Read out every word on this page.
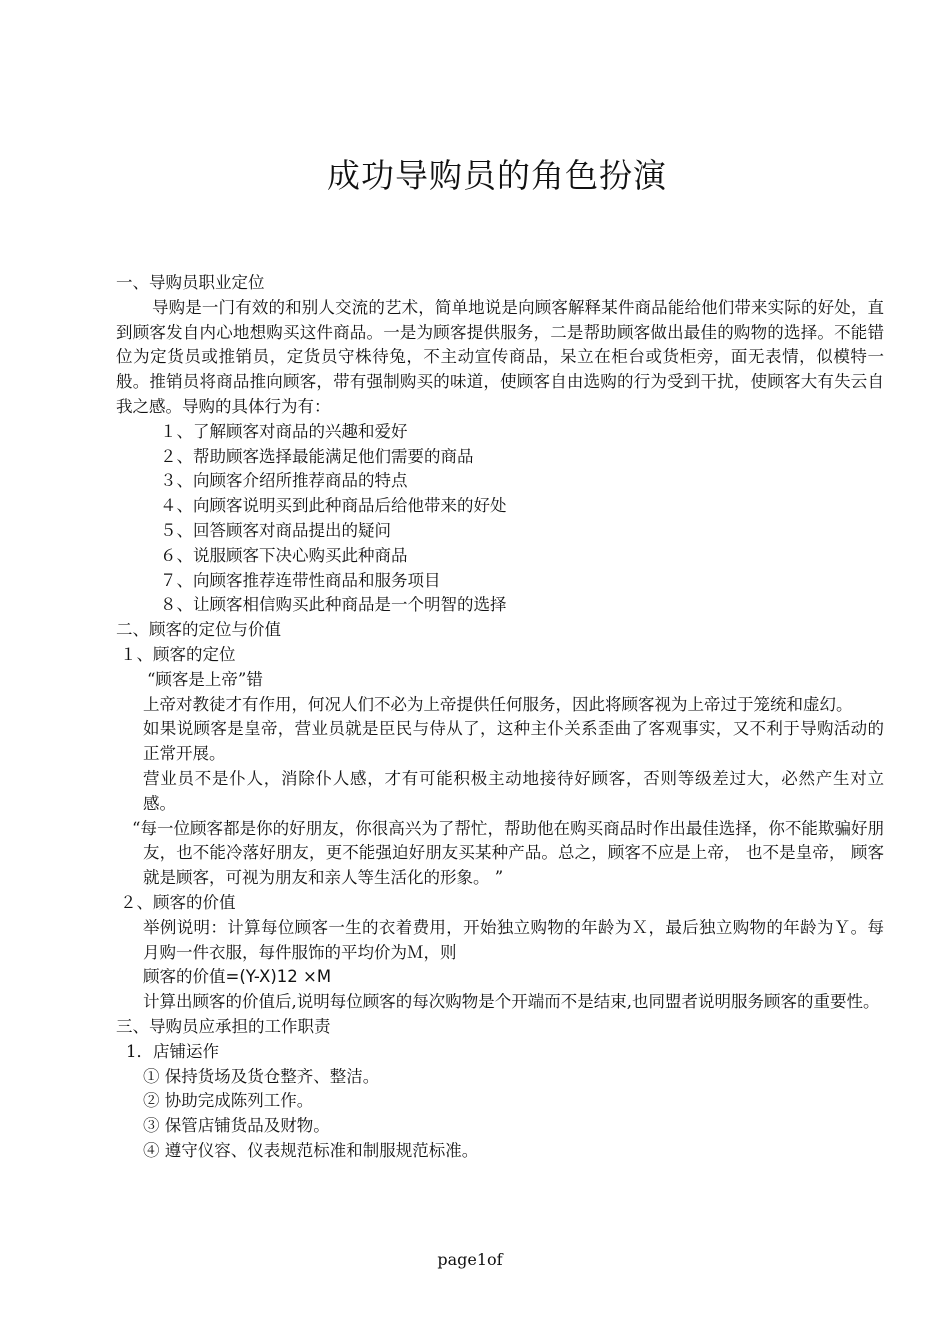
成功导购员的角色扮演

一、导购员职业定位

导购是一门有效的和别人交流的艺术，简单地说是向顾客解释某件商品能给他们带来实际的好处，直到顾客发自内心地想购买这件商品。一是为顾客提供服务，二是帮助顾客做出最佳的购物的选择。不能错位为定货员或推销员，定货员守株待兔，不主动宣传商品，呆立在柜台或货柜旁，面无表情，似模特一般。推销员将商品推向顾客，带有强制购买的味道，使顾客自由选购的行为受到干扰，使顾客大有失云自我之感。导购的具体行为有：

１、了解顾客对商品的兴趣和爱好

２、帮助顾客选择最能满足他们需要的商品

３、向顾客介绍所推荐商品的特点

４、向顾客说明买到此种商品后给他带来的好处

５、回答顾客对商品提出的疑问

６、说服顾客下决心购买此种商品

７、向顾客推荐连带性商品和服务项目

８、让顾客相信购买此种商品是一个明智的选择

二、顾客的定位与价值

１、顾客的定位

“顾客是上帝”错

上帝对教徒才有作用，何况人们不必为上帝提供任何服务，因此将顾客视为上帝过于笼统和虚幻。

如果说顾客是皇帝，营业员就是臣民与侍从了，这种主仆关系歪曲了客观事实，又不利于导购活动的正常开展。

营业员不是仆人，消除仆人感，才有可能积极主动地接待好顾客，否则等级差过大，必然产生对立感。

“每一位顾客都是你的好朋友，你很高兴为了帮忙，帮助他在购买商品时作出最佳选择，你不能欺骗好朋友，也不能冷落好朋友，更不能强迫好朋友买某种产品。总之，顾客不应是上帝， 也不是皇帝， 顾客就是顾客，可视为朋友和亲人等生活化的形象。 ”

２、顾客的价值

举例说明：计算每位顾客一生的衣着费用，开始独立购物的年龄为Ｘ，最后独立购物的年龄为Ｙ。每月购一件衣服，每件服饰的平均价为Ｍ，则

顾客的价值=(Y-X)12 ×M

计算出顾客的价值后,说明每位顾客的每次购物是个开端而不是结束,也同盟者说明服务顾客的重要性。

三、导购员应承担的工作职责

1．店铺运作

① 保持货场及货仓整齐、整洁。

② 协助完成陈列工作。

③ 保管店铺货品及财物。

④ 遵守仪容、仪表规范标准和制服规范标准。

page1of
